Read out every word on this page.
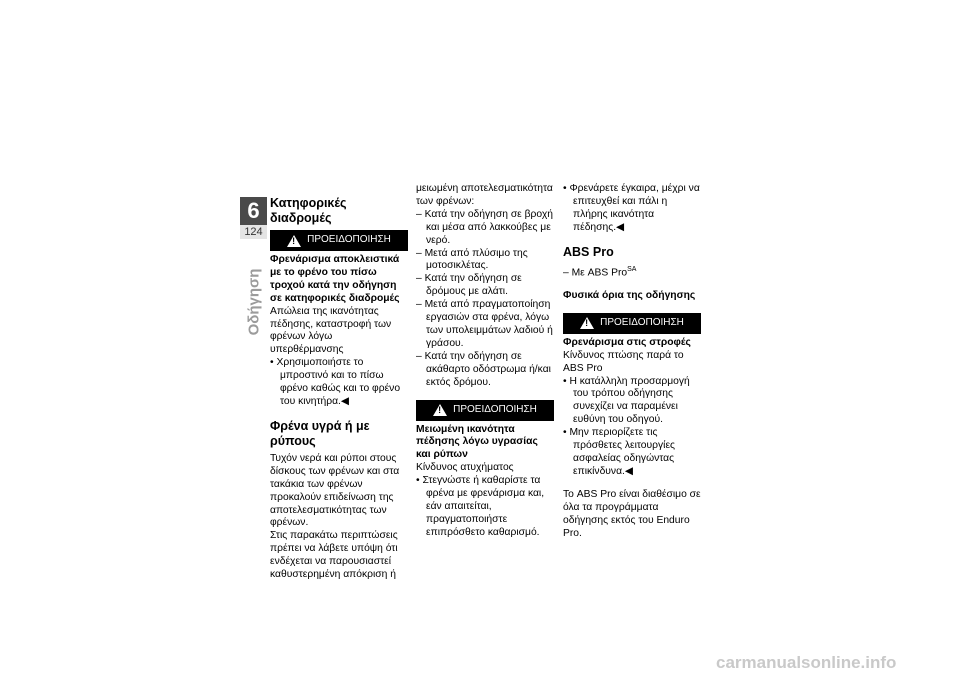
6
124
Οδήγηση
Κατηφορικές διαδρομές
!
ΠΡΟΕΙΔΟΠΟΙΗΣΗ

Φρενάρισμα αποκλειστικά με το φρένο του πίσω τροχού κατά την οδήγηση σε κατηφορικές διαδρομές

Απώλεια της ικανότητας πέδησης, καταστροφή των φρένων λόγω υπερθέρμανσης

• Χρησιμοποιήστε το μπροστινό και το πίσω φρένο καθώς και το φρένο του κινητήρα.◀

Φρένα υγρά ή με ρύπους

Τυχόν νερά και ρύποι στους δίσκους των φρένων και στα τακάκια των φρένων προκαλούν επιδείνωση της αποτελεσματικότητας των φρένων.

Στις παρακάτω περιπτώσεις πρέπει να λάβετε υπόψη ότι ενδέχεται να παρουσιαστεί καθυστερημένη απόκριση ή

μειωμένη αποτελεσματικότητα των φρένων:

– Κατά την οδήγηση σε βροχή και μέσα από λακκούβες με νερό.

– Μετά από πλύσιμο της μοτοσικλέτας.

– Κατά την οδήγηση σε δρόμους με αλάτι.

– Μετά από πραγματοποίηση εργασιών στα φρένα, λόγω των υπολειμμάτων λαδιού ή γράσου.

– Κατά την οδήγηση σε ακάθαρτο οδόστρωμα ή/και εκτός δρόμου.

!
ΠΡΟΕΙΔΟΠΟΙΗΣΗ

Μειωμένη ικανότητα πέδησης λόγω υγρασίας και ρύπων

Κίνδυνος ατυχήματος

• Στεγνώστε ή καθαρίστε τα φρένα με φρενάρισμα και, εάν απαιτείται, πραγματοποιήστε επιπρόσθετο καθαρισμό.

• Φρενάρετε έγκαιρα, μέχρι να επιτευχθεί και πάλι η πλήρης ικανότητα πέδησης.◀

ABS Pro

– Με ABS Pro$^{SA}$

Φυσικά όρια της οδήγησης

!
ΠΡΟΕΙΔΟΠΟΙΗΣΗ

Φρενάρισμα στις στροφές

Κίνδυνος πτώσης παρά το ABS Pro

• Η κατάλληλη προσαρμογή του τρόπου οδήγησης συνεχίζει να παραμένει ευθύνη του οδηγού.

• Μην περιορίζετε τις πρόσθετες λειτουργίες ασφαλείας οδηγώντας επικίνδυνα.◀

Το ABS Pro είναι διαθέσιμο σε όλα τα προγράμματα οδήγησης εκτός του Enduro Pro.

carmanualsonline.info
